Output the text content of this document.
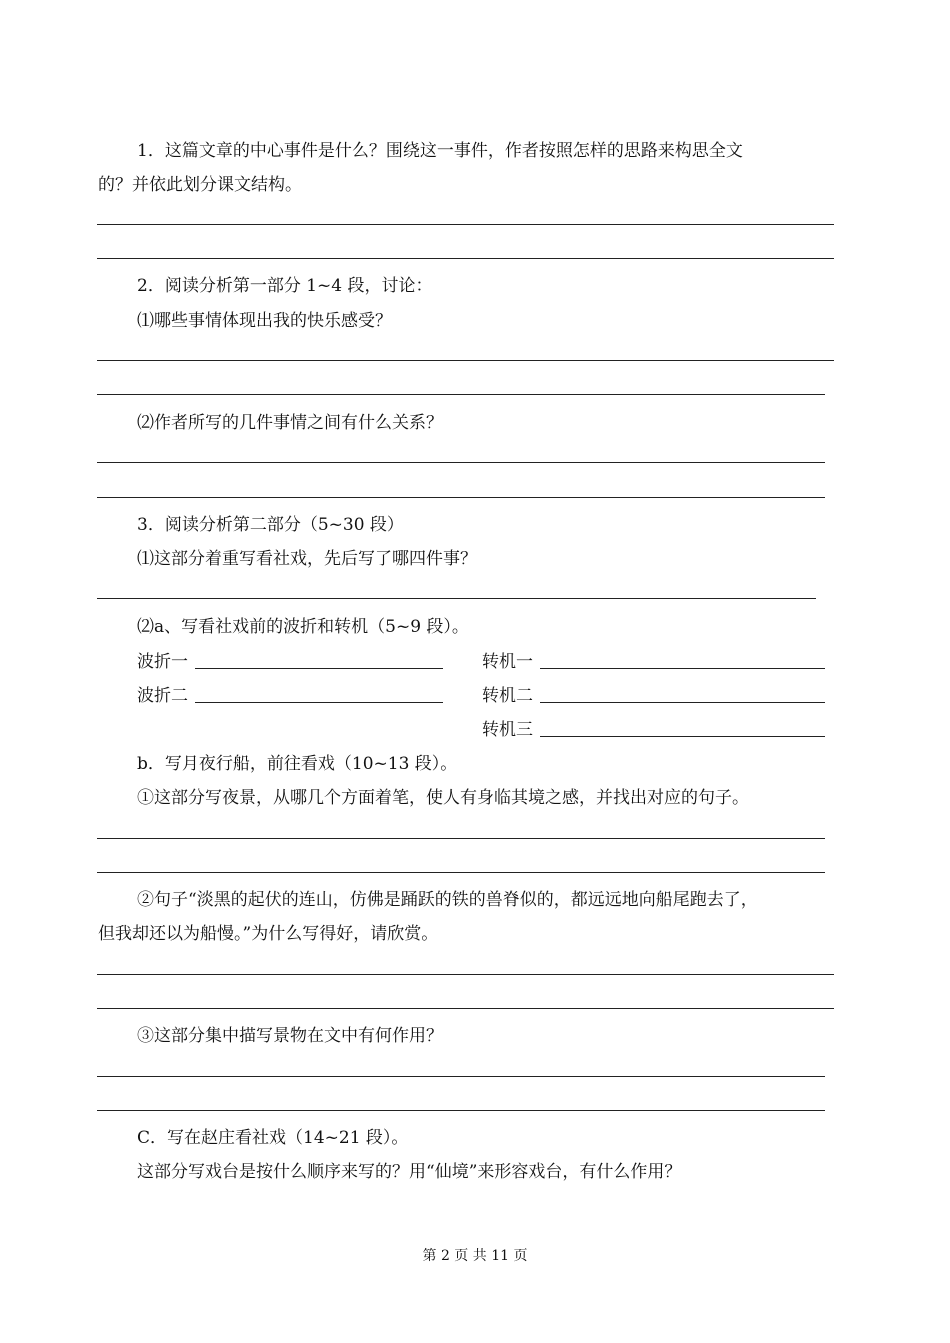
1．这篇文章的中心事件是什么？围绕这一事件，作者按照怎样的思路来构思全文
的？并依此划分课文结构。
2．阅读分析第一部分 1~4 段，讨论：
⑴哪些事情体现出我的快乐感受？
⑵作者所写的几件事情之间有什么关系？
3．阅读分析第二部分（5~30 段）
⑴这部分着重写看社戏，先后写了哪四件事？
⑵a、写看社戏前的波折和转机（5~9 段）。
波折一	转机一
波折二	转机二
转机三
b．写月夜行船，前往看戏（10~13 段）。
①这部分写夜景，从哪几个方面着笔，使人有身临其境之感，并找出对应的句子。
②句子“淡黑的起伏的连山，仿佛是踊跃的铁的兽脊似的，都远远地向船尾跑去了，
但我却还以为船慢。”为什么写得好，请欣赏。
③这部分集中描写景物在文中有何作用？
C．写在赵庄看社戏（14~21 段）。
这部分写戏台是按什么顺序来写的？用“仙境”来形容戏台，有什么作用？
第 2 页 共 11 页
